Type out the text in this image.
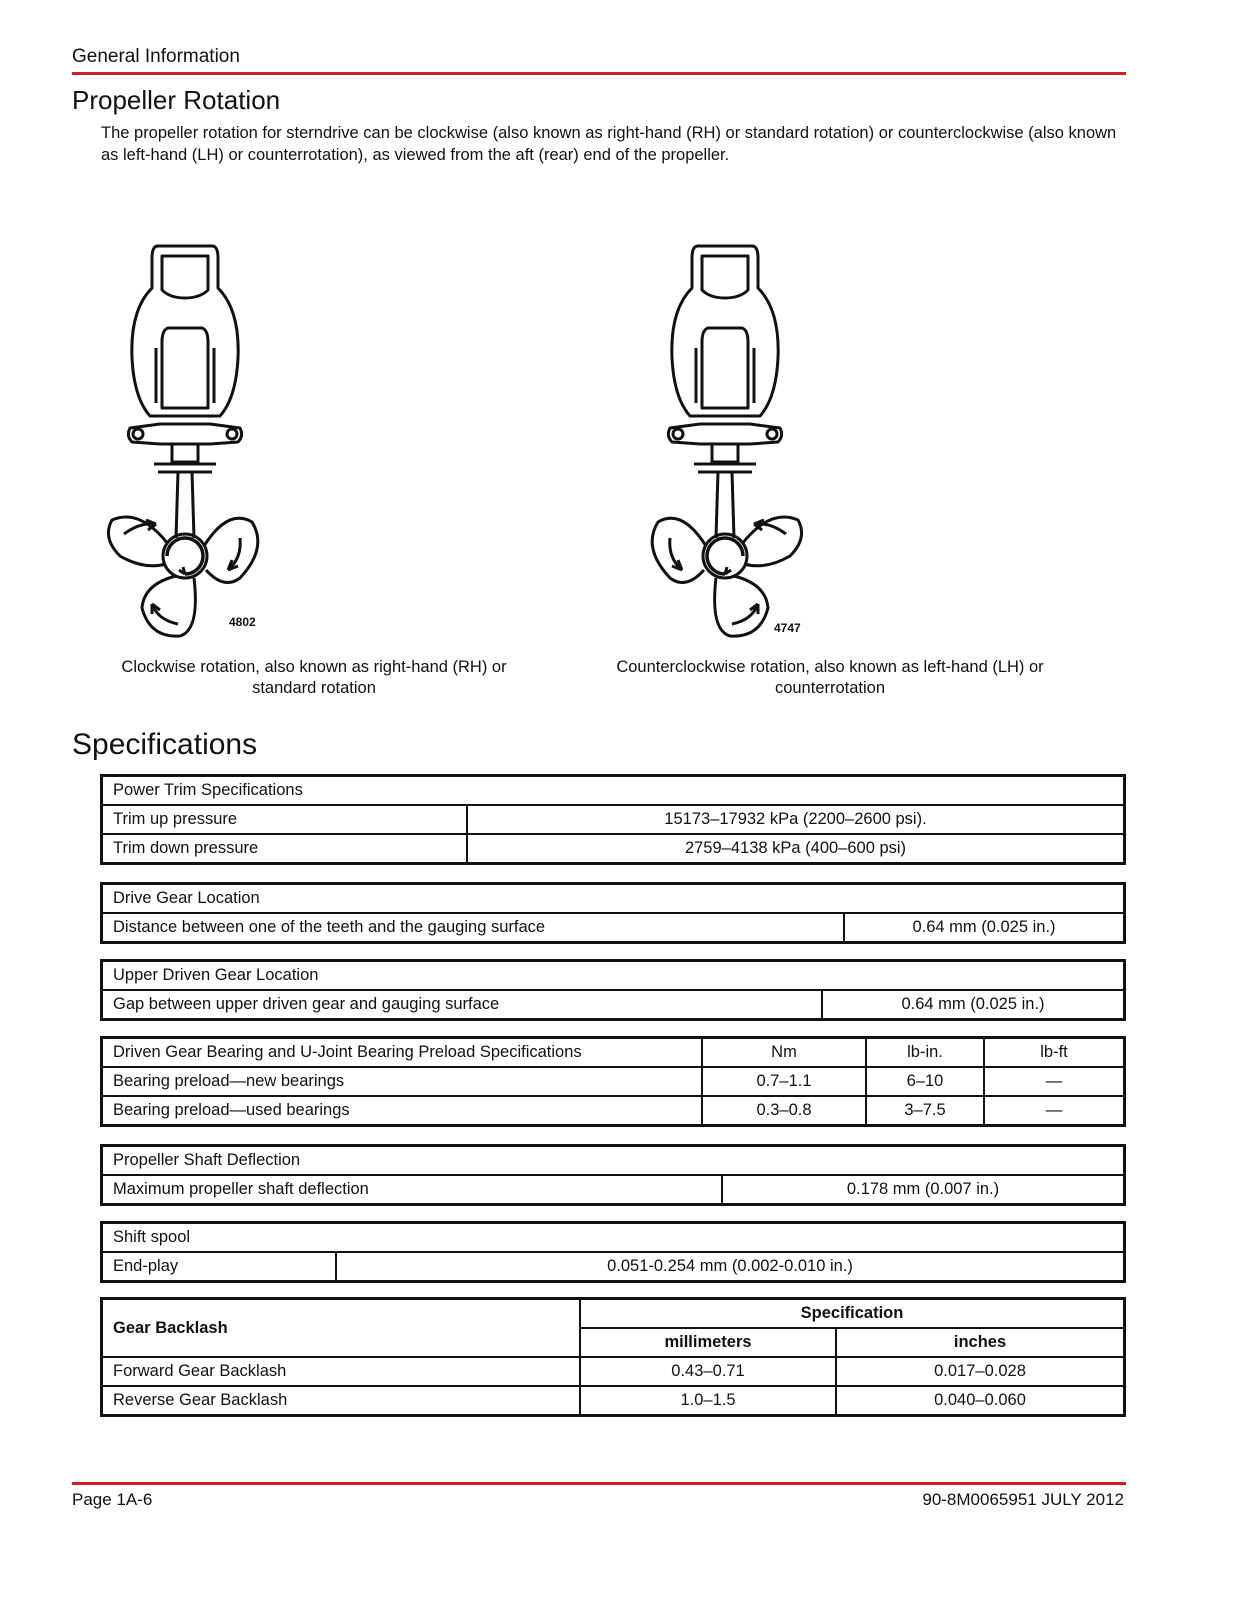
General Information
Propeller Rotation

The propeller rotation for sterndrive can be clockwise (also known as right-hand (RH) or standard rotation) or counterclockwise (also known as left-hand (LH) or counterrotation), as viewed from the aft (rear) end of the propeller.

4802
Clockwise rotation, also known as right-hand (RH) or
standard rotation
4747
Counterclockwise rotation, also known as left-hand (LH) or
counterrotation
Specifications
Power Trim Specifications	
Trim up pressure	15173–17932 kPa (2200–2600 psi).
Trim down pressure	2759–4138 kPa (400–600 psi)
Drive Gear Location
Distance between one of the teeth and the gauging surface	0.64 mm (0.025 in.)
Upper Driven Gear Location
Gap between upper driven gear and gauging surface	0.64 mm (0.025 in.)
Driven Gear Bearing and U-Joint Bearing Preload Specifications	Nm	lb-in.	lb-ft
Bearing preload—new bearings	0.7–1.1	6–10	—
Bearing preload—used bearings	0.3–0.8	3–7.5	—
Propeller Shaft Deflection
Maximum propeller shaft deflection	0.178 mm (0.007 in.)
Shift spool
End-play	0.051-0.254 mm (0.002-0.010 in.)
Gear Backlash	Specification	
	millimeters	inches
Forward Gear Backlash	0.43–0.71	0.017–0.028
Reverse Gear Backlash	1.0–1.5	0.040–0.060
Page 1A-6	90-8M0065951 JULY 2012
